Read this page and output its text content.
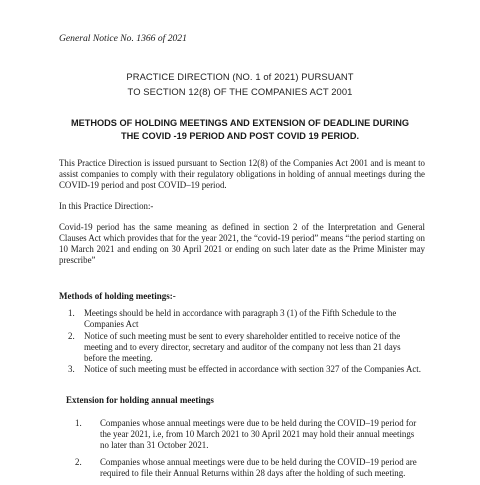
General Notice No. 1366 of 2021
PRACTICE DIRECTION (NO. 1 of 2021) PURSUANT
TO SECTION 12(8) OF THE COMPANIES ACT 2001
METHODS OF HOLDING MEETINGS AND EXTENSION OF DEADLINE DURING
THE COVID -19 PERIOD AND POST COVID 19 PERIOD.

This Practice Direction is issued pursuant to Section 12(8) of the Companies Act 2001 and is meant to assist companies to comply with their regulatory obligations in holding of annual meetings during the COVID-19 period and post COVID–19 period.

In this Practice Direction:-

Covid-19 period has the same meaning as defined in section 2 of the Interpretation and General Clauses Act which provides that for the year 2021, the “covid-19 period” means “the period starting on 10 March 2021 and ending on 30 April 2021 or ending on such later date as the Prime Minister may prescribe”

Methods of holding meetings:-
1. Meetings should be held in accordance with paragraph 3 (1) of the Fifth Schedule to the Companies Act
2. Notice of such meeting must be sent to every shareholder entitled to receive notice of the meeting and to every director, secretary and auditor of the company not less than 21 days before the meeting.
3. Notice of such meeting must be effected in accordance with section 327 of the Companies Act.
Extension for holding annual meetings
1. Companies whose annual meetings were due to be held during the COVID–19 period for the year 2021, i.e, from 10 March 2021 to 30 April 2021 may hold their annual meetings no later than 31 October 2021.
2. Companies whose annual meetings were due to be held during the COVID–19 period are required to file their Annual Returns within 28 days after the holding of such meeting.
